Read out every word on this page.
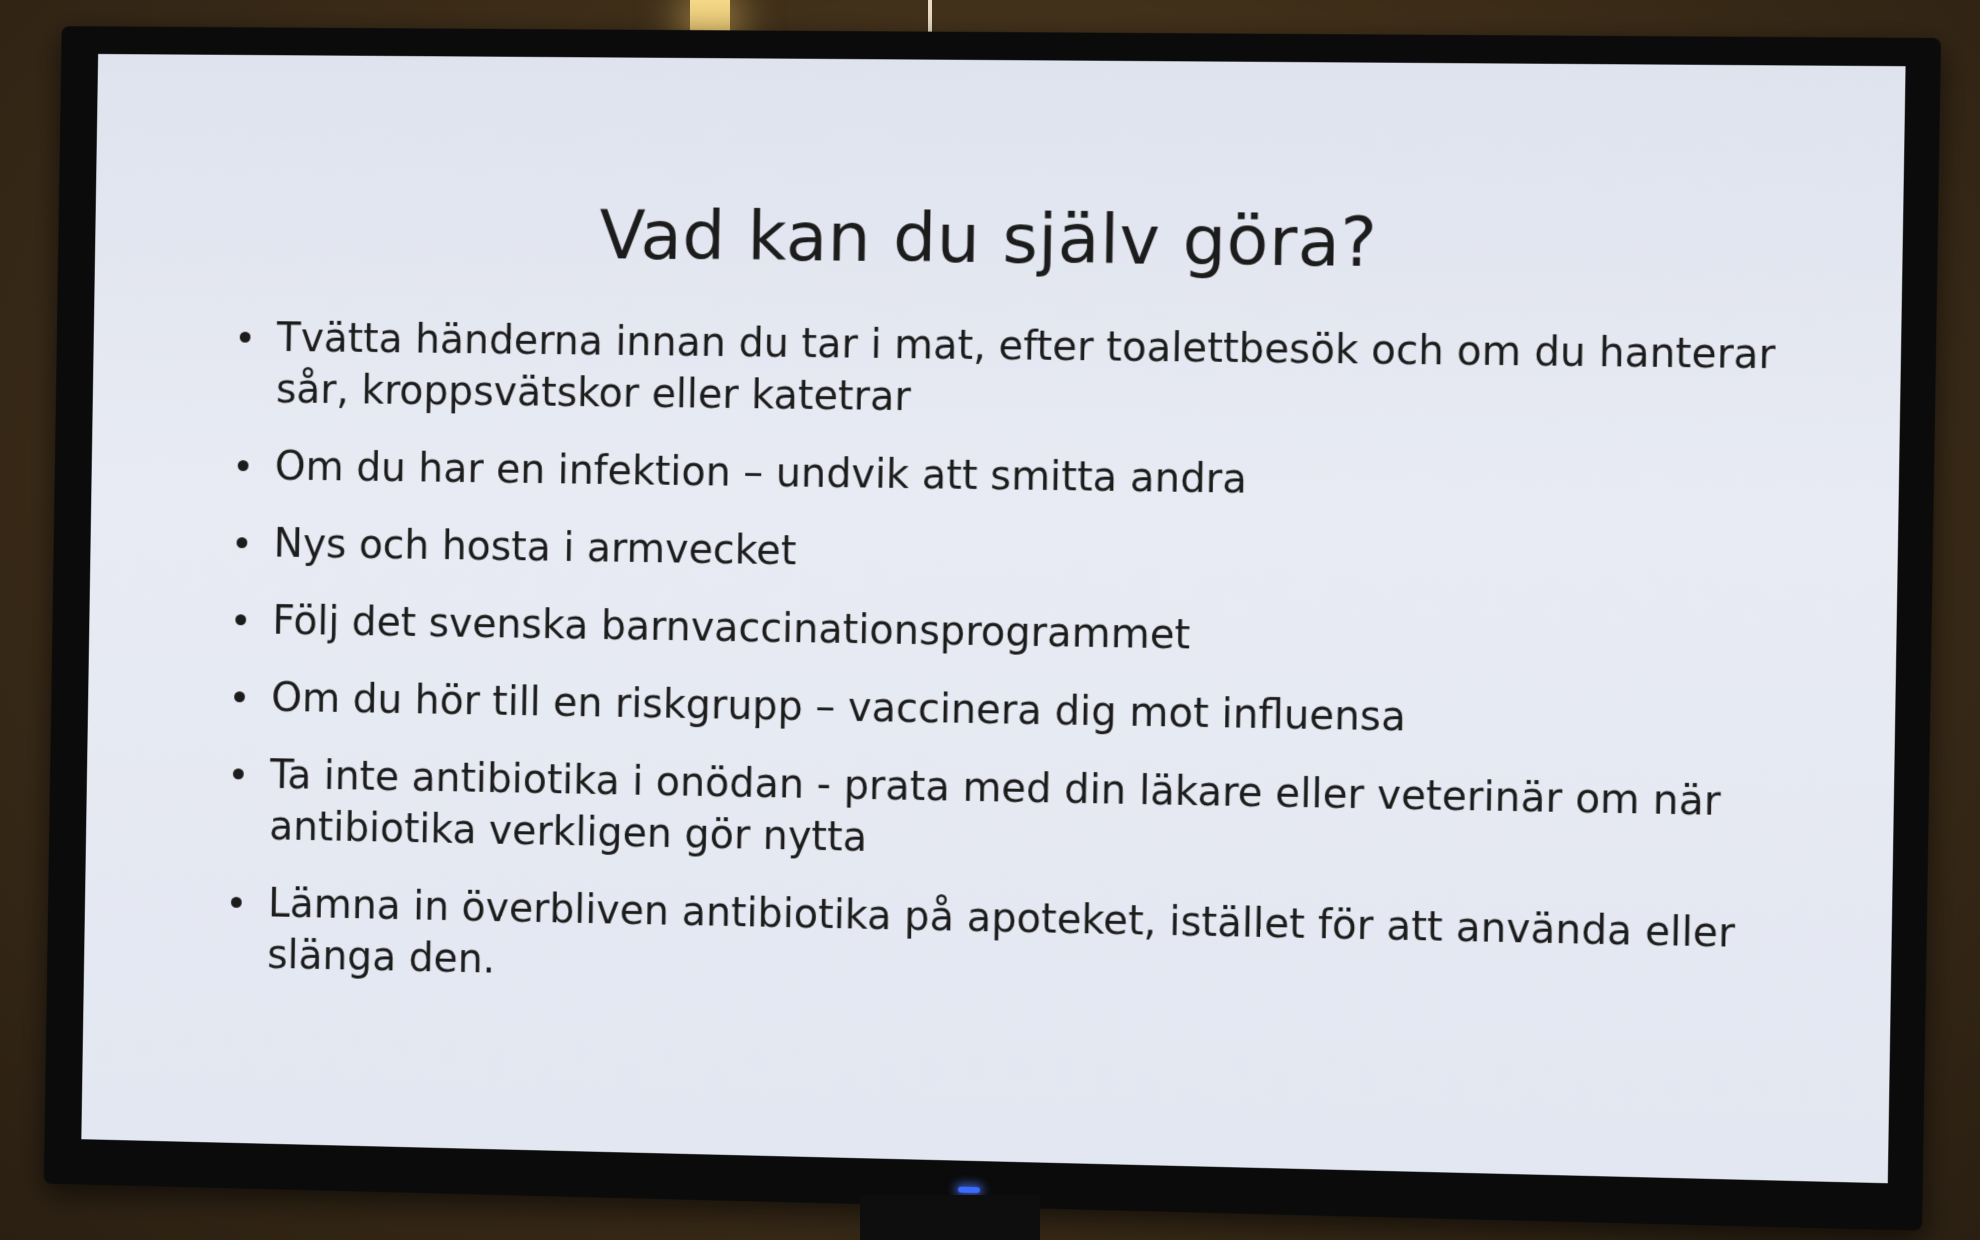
Vad kan du själv göra?
Tvätta händerna innan du tar i mat, efter toalettbesök och om du hanterar sår, kroppsvätskor eller katetrar
Om du har en infektion – undvik att smitta andra
Nys och hosta i armvecket
Följ det svenska barnvaccinationsprogrammet
Om du hör till en riskgrupp – vaccinera dig mot influensa
Ta inte antibiotika i onödan - prata med din läkare eller veterinär om när antibiotika verkligen gör nytta
Lämna in överbliven antibiotika på apoteket, istället för att använda eller slänga den.
